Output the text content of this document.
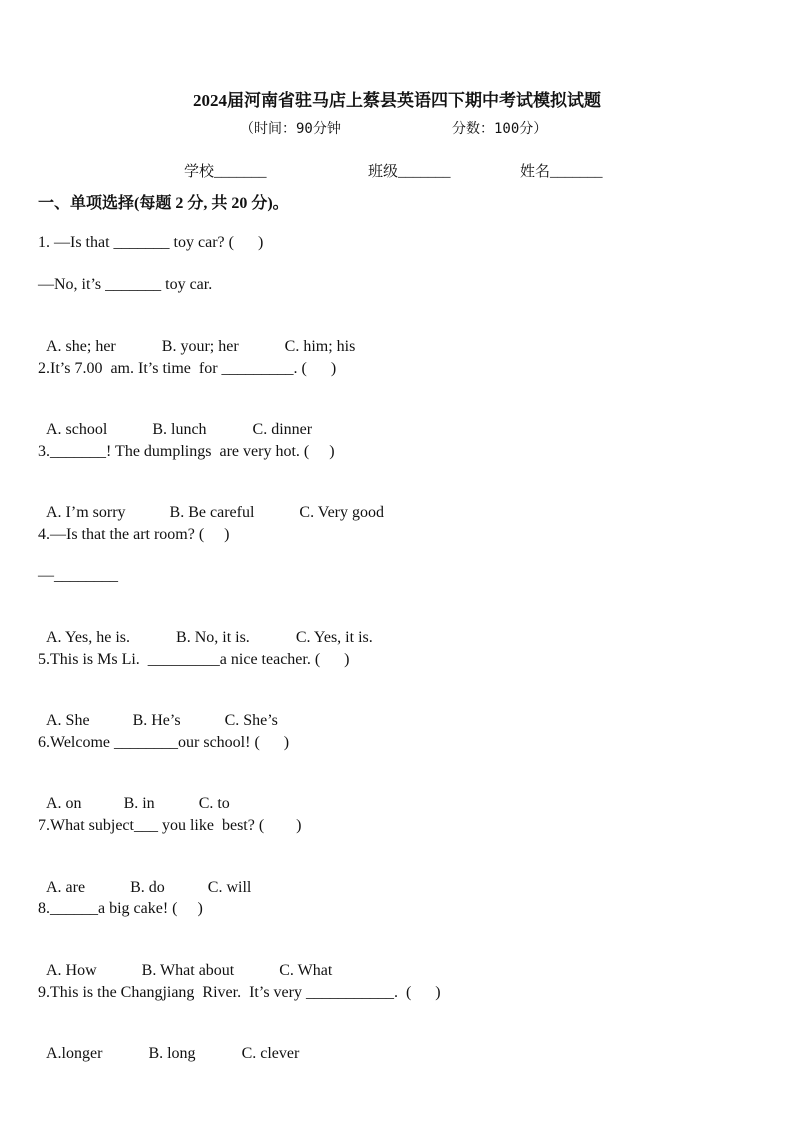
2024届河南省驻马店上蔡县英语四下期中考试模拟试题
（时间：90分钟	分数：100分）
学校_______	班级_______	姓名_______
一、单项选择(每题 2 分, 共 20 分)。
1. —Is that _______ toy car? (      )
—No, it’s _______ toy car.

A. she; her	B. your; her	C. him; his

2.It’s 7.00  am. It’s time  for _________. (      )

A. school	B. lunch	C. dinner

3._______! The dumplings  are very hot. (     )

A. I’m sorry	B. Be careful	C. Very good

4.—Is that the art room? (     )
—________

A. Yes, he is.	B. No, it is.	C. Yes, it is.

5.This is Ms Li.  _________a nice teacher. (      )

A. She	B. He’s	C. She’s

6.Welcome ________our school! (      )

A. on	B. in	C. to

7.What subject___ you like  best? (        )

A. are	B. do	C. will

8.______a big cake! (     )

A. How	B. What about	C. What

9.This is the Changjiang  River.  It’s very ___________.  (      )

A.longer	B. long	C. clever
